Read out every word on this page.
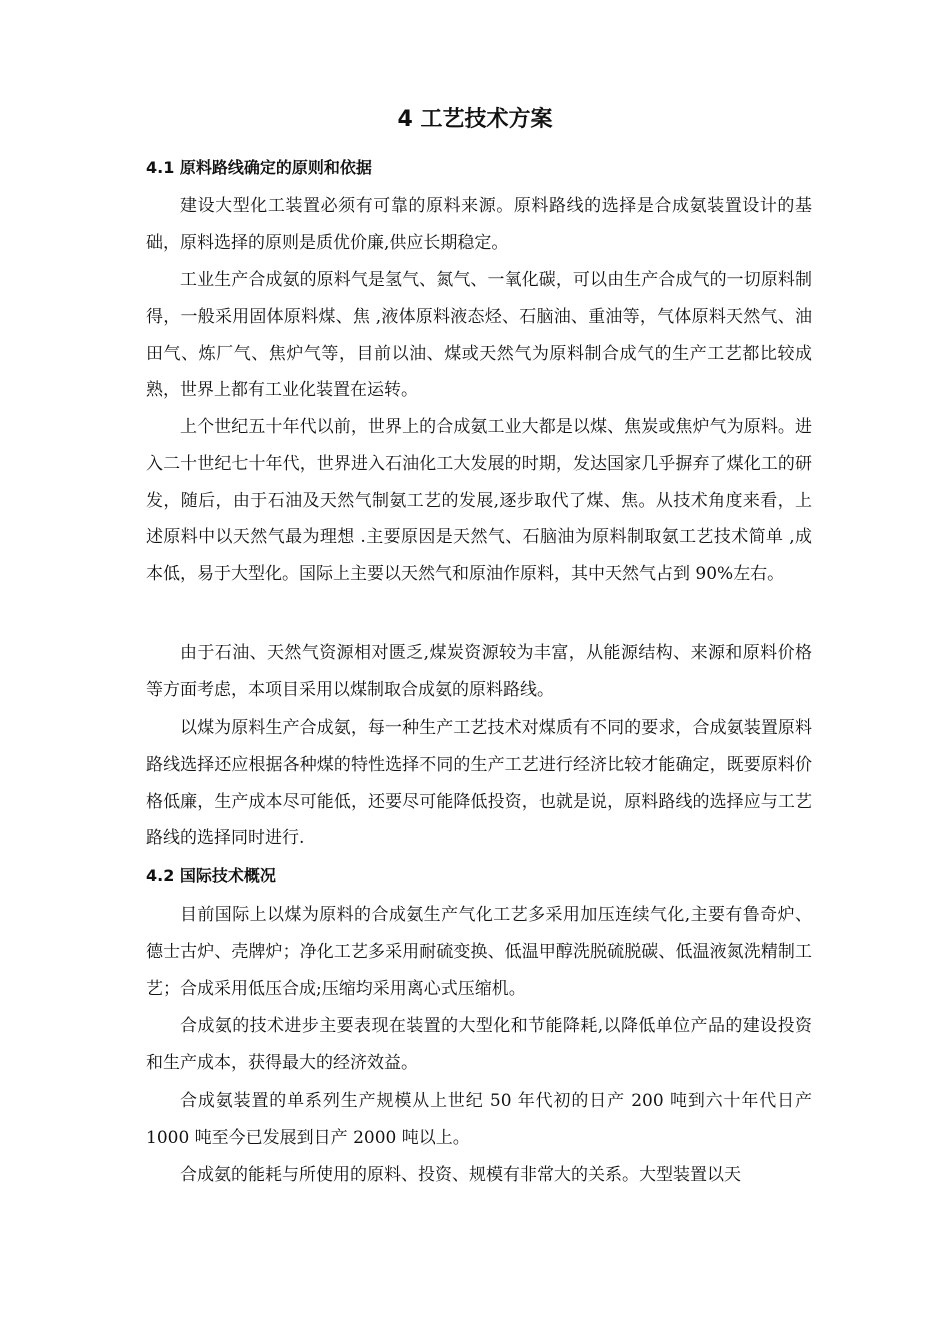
4 工艺技术方案
4.1 原料路线确定的原则和依据

建设大型化工装置必须有可靠的原料来源。原料路线的选择是合成氨装置设计的基础，原料选择的原则是质优价廉,供应长期稳定。

工业生产合成氨的原料气是氢气、氮气、一氧化碳，可以由生产合成气的一切原料制得，一般采用固体原料煤、焦 ,液体原料液态烃、石脑油、重油等，气体原料天然气、油田气、炼厂气、焦炉气等，目前以油、煤或天然气为原料制合成气的生产工艺都比较成熟，世界上都有工业化装置在运转。

上个世纪五十年代以前，世界上的合成氨工业大都是以煤、焦炭或焦炉气为原料。进入二十世纪七十年代，世界进入石油化工大发展的时期，发达国家几乎摒弃了煤化工的研发，随后，由于石油及天然气制氨工艺的发展,逐步取代了煤、焦。从技术角度来看，上述原料中以天然气最为理想 .主要原因是天然气、石脑油为原料制取氨工艺技术简单 ,成本低，易于大型化。国际上主要以天然气和原油作原料，其中天然气占到 90%左右。

由于石油、天然气资源相对匮乏,煤炭资源较为丰富，从能源结构、来源和原料价格等方面考虑，本项目采用以煤制取合成氨的原料路线。

以煤为原料生产合成氨，每一种生产工艺技术对煤质有不同的要求，合成氨装置原料路线选择还应根据各种煤的特性选择不同的生产工艺进行经济比较才能确定，既要原料价格低廉，生产成本尽可能低，还要尽可能降低投资，也就是说，原料路线的选择应与工艺路线的选择同时进行.

4.2 国际技术概况

目前国际上以煤为原料的合成氨生产气化工艺多采用加压连续气化,主要有鲁奇炉、德士古炉、壳牌炉；净化工艺多采用耐硫变换、低温甲醇洗脱硫脱碳、低温液氮洗精制工艺；合成采用低压合成;压缩均采用离心式压缩机。

合成氨的技术进步主要表现在装置的大型化和节能降耗,以降低单位产品的建设投资和生产成本，获得最大的经济效益。

合成氨装置的单系列生产规模从上世纪 50 年代初的日产 200 吨到六十年代日产 1000 吨至今已发展到日产 2000 吨以上。

合成氨的能耗与所使用的原料、投资、规模有非常大的关系。大型装置以天
